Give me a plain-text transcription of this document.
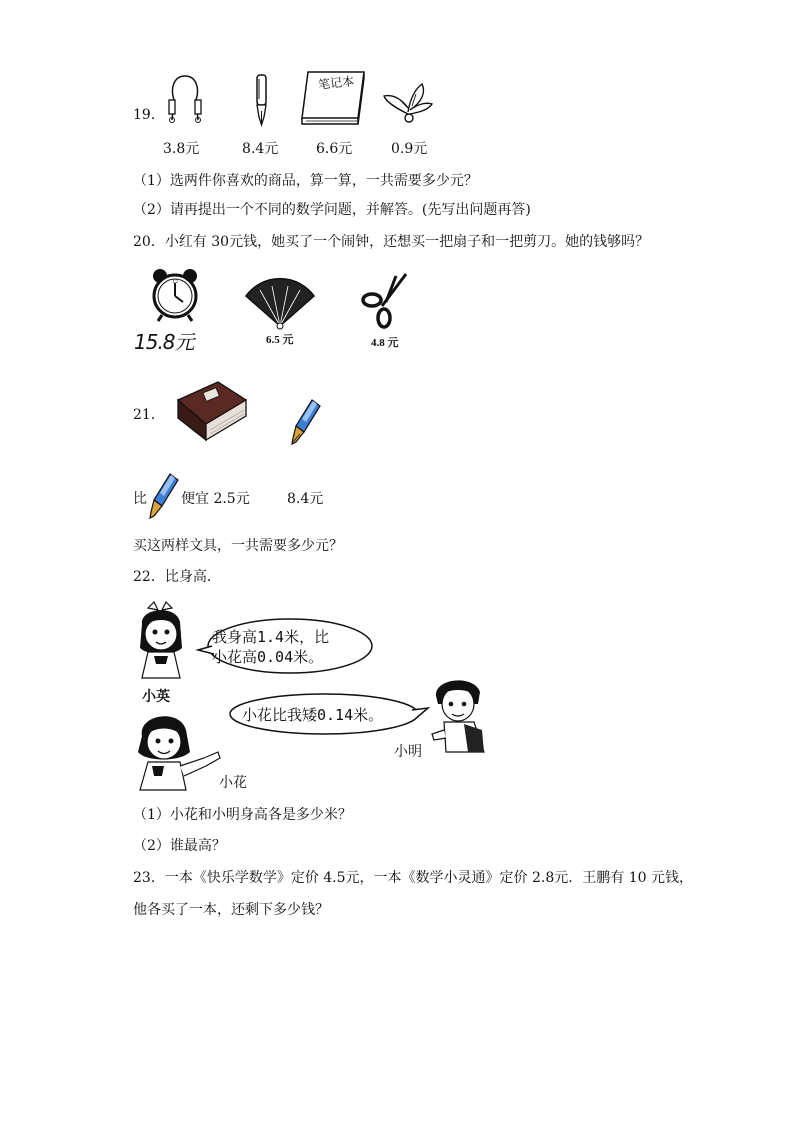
19．
笔记本
3.8元	8.4元	6.6元	0.9元
（1）选两件你喜欢的商品，算一算，一共需要多少元？
（2）请再提出一个不同的数学问题，并解答。(先写出问题再答)
20．小红有 30元钱，她买了一个闹钟，还想买一把扇子和一把剪刀。她的钱够吗？
12
15.8元	6.5 元	4.8 元
21．
比 便宜 2.5元	8.4元
买这两样文具，一共需要多少元？
22．比身高．
小英
我身高1.4米，比
小花高0.04米。
小花比我矮0.14米。
小明
小花
（1）小花和小明身高各是多少米？
（2）谁最高？
23．一本《快乐学数学》定价 4.5元，一本《数学小灵通》定价 2.8元．王鹏有 10 元钱，
他各买了一本，还剩下多少钱？
